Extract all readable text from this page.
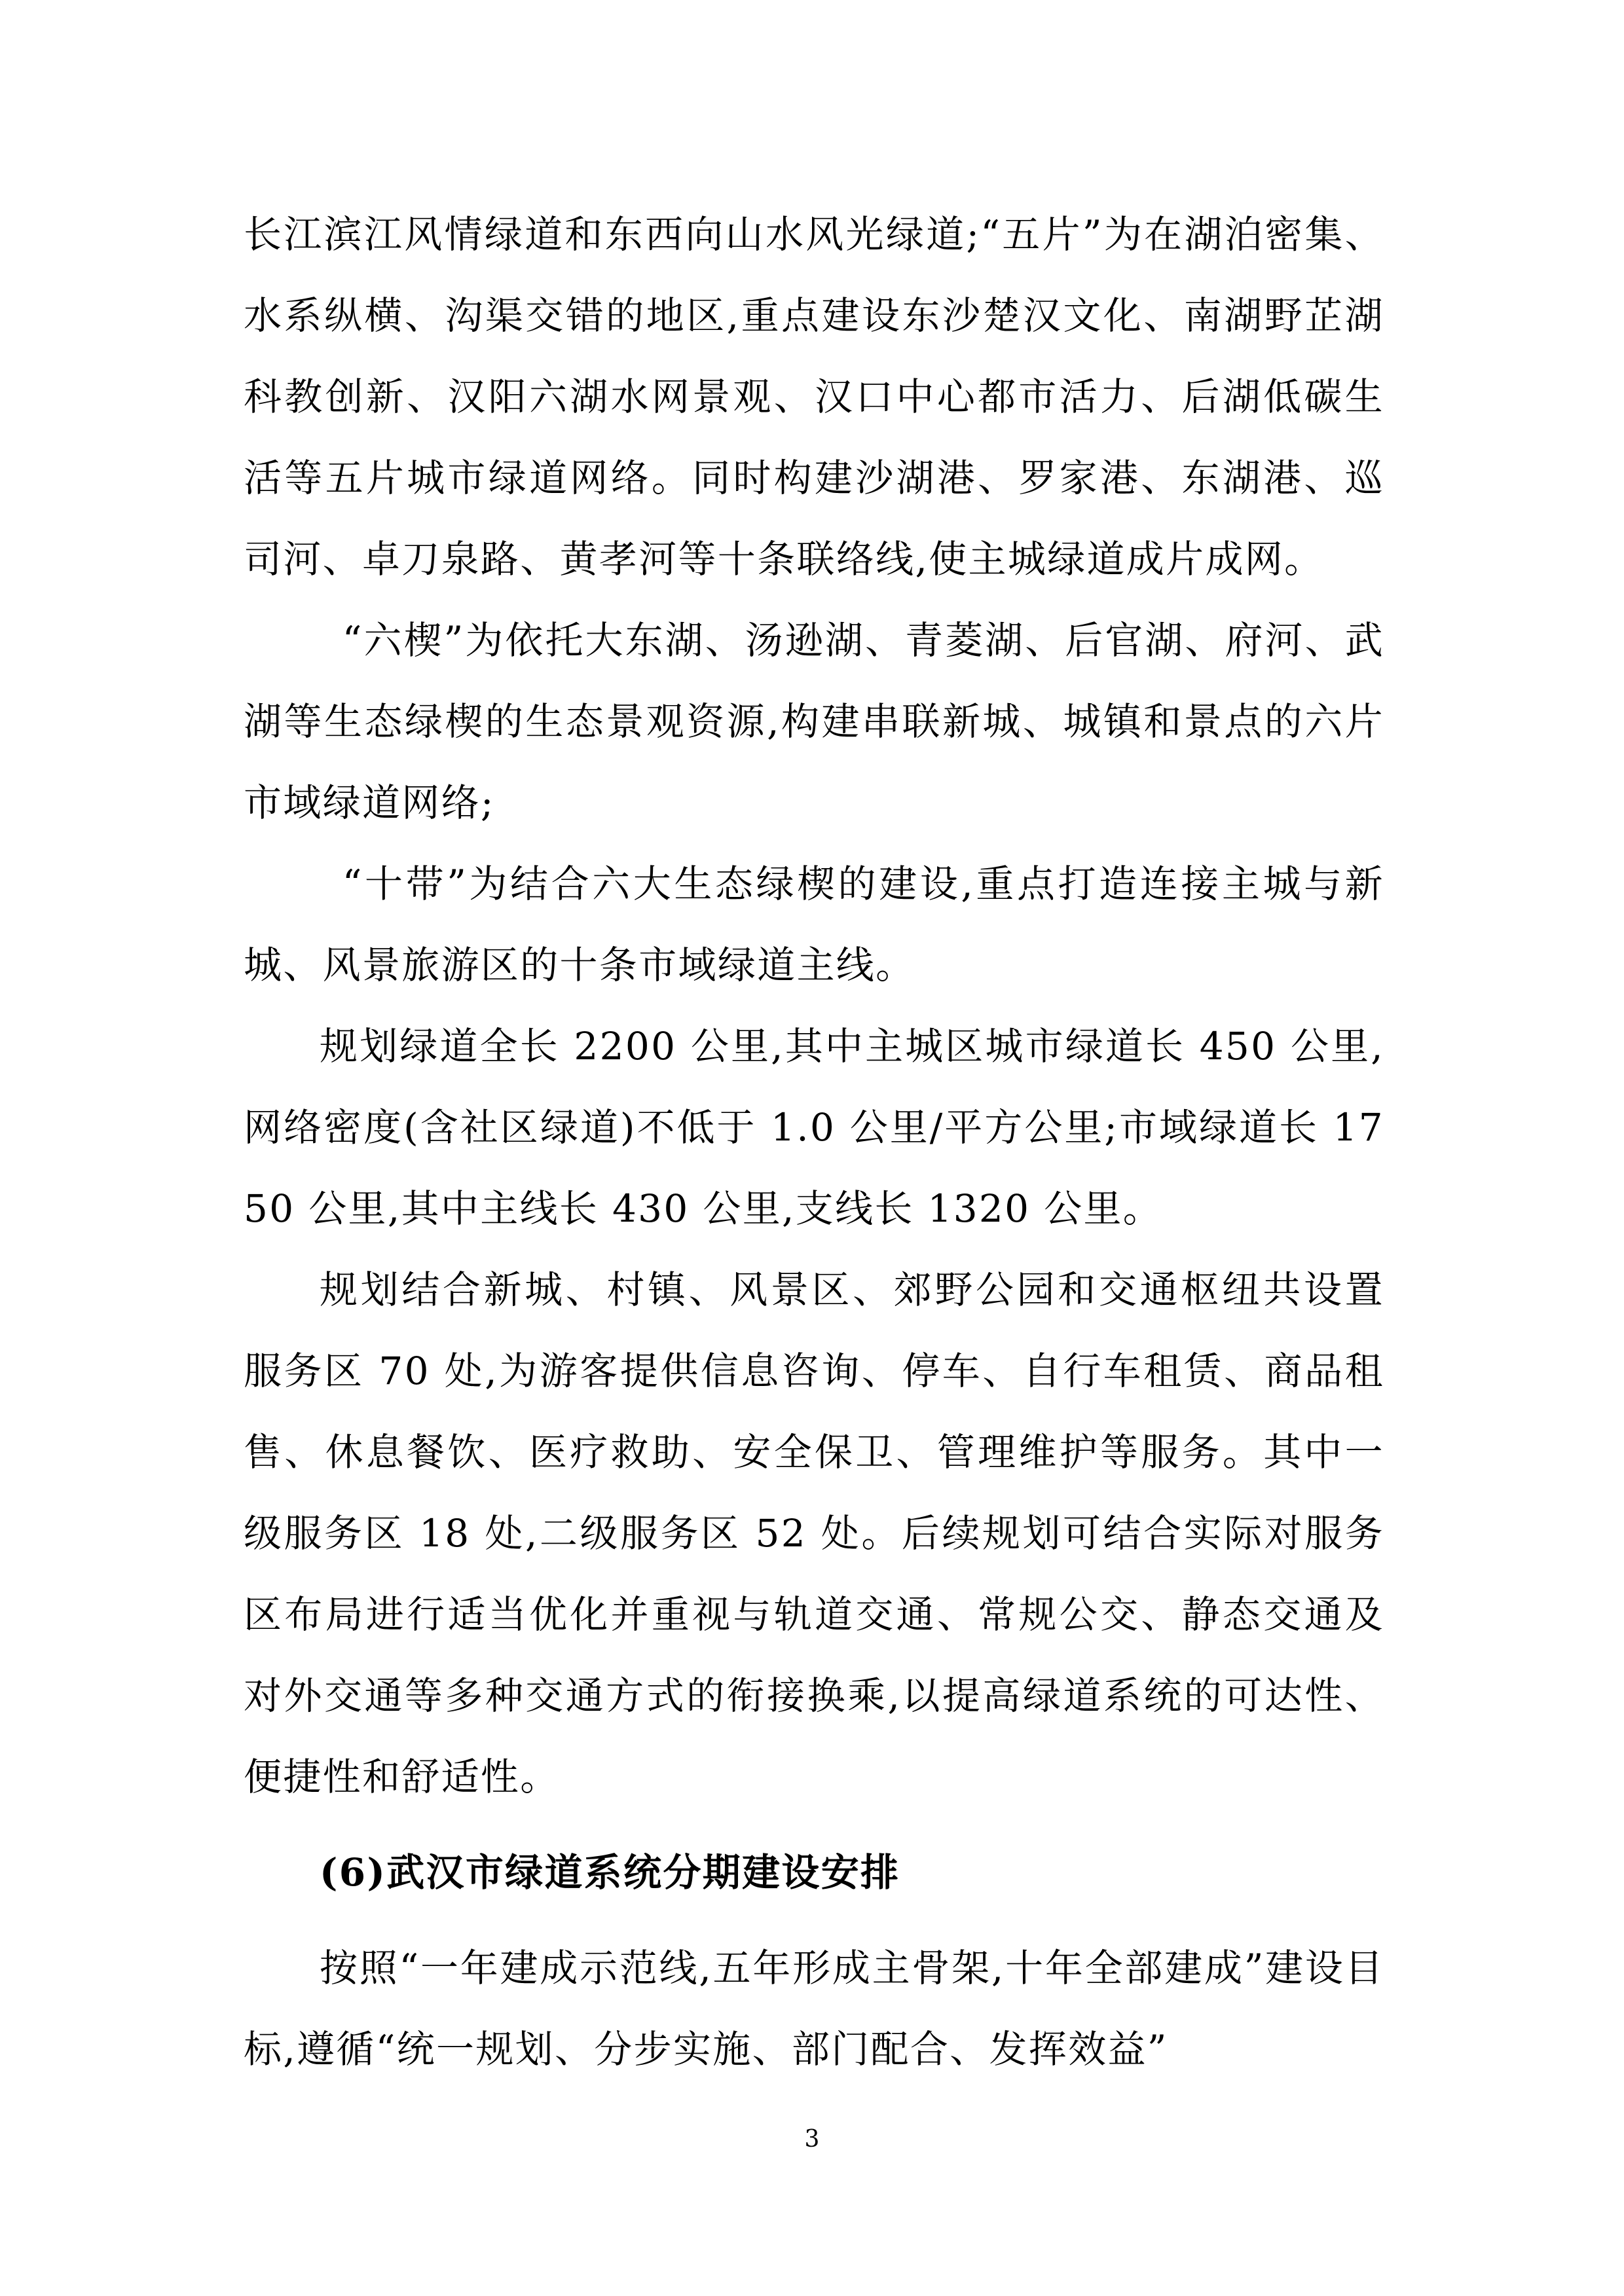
长江滨江风情绿道和东西向山水风光绿道;“五片”为在湖泊密集、水系纵横、沟渠交错的地区,重点建设东沙楚汉文化、南湖野芷湖科教创新、汉阳六湖水网景观、汉口中心都市活力、后湖低碳生活等五片城市绿道网络。同时构建沙湖港、罗家港、东湖港、巡司河、卓刀泉路、黄孝河等十条联络线,使主城绿道成片成网。

“六楔”为依托大东湖、汤逊湖、青菱湖、后官湖、府河、武湖等生态绿楔的生态景观资源,构建串联新城、城镇和景点的六片市域绿道网络;

“十带”为结合六大生态绿楔的建设,重点打造连接主城与新城、风景旅游区的十条市域绿道主线。

规划绿道全长 2200 公里,其中主城区城市绿道长 450 公里,网络密度(含社区绿道)不低于 1.0 公里/平方公里;市域绿道长 1750 公里,其中主线长 430 公里,支线长 1320 公里。

规划结合新城、村镇、风景区、郊野公园和交通枢纽共设置服务区 70 处,为游客提供信息咨询、停车、自行车租赁、商品租售、休息餐饮、医疗救助、安全保卫、管理维护等服务。其中一级服务区 18 处,二级服务区 52 处。后续规划可结合实际对服务区布局进行适当优化并重视与轨道交通、常规公交、静态交通及对外交通等多种交通方式的衔接换乘,以提高绿道系统的可达性、便捷性和舒适性。

(6)武汉市绿道系统分期建设安排

按照“一年建成示范线,五年形成主骨架,十年全部建成”建设目标,遵循“统一规划、分步实施、部门配合、发挥效益”

3
